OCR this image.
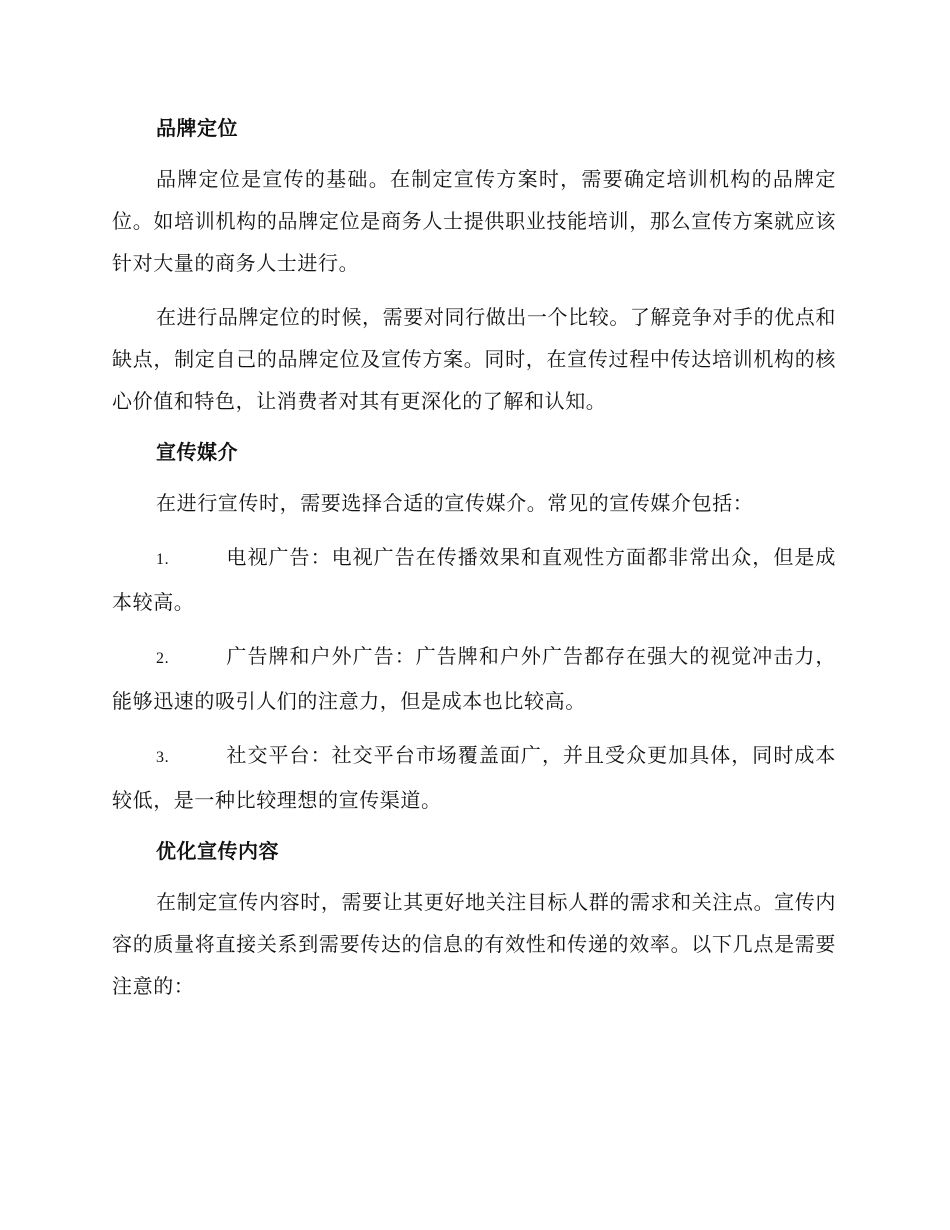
品牌定位

品牌定位是宣传的基础。在制定宣传方案时，需要确定培训机构的品牌定位。如培训机构的品牌定位是商务人士提供职业技能培训，那么宣传方案就应该针对大量的商务人士进行。

在进行品牌定位的时候，需要对同行做出一个比较。了解竞争对手的优点和缺点，制定自己的品牌定位及宣传方案。同时，在宣传过程中传达培训机构的核心价值和特色，让消费者对其有更深化的了解和认知。

宣传媒介

在进行宣传时，需要选择合适的宣传媒介。常见的宣传媒介包括：

1.	电视广告：电视广告在传播效果和直观性方面都非常出众，但是成本较高。

2.	广告牌和户外广告：广告牌和户外广告都存在强大的视觉冲击力，能够迅速的吸引人们的注意力，但是成本也比较高。

3.	社交平台：社交平台市场覆盖面广，并且受众更加具体，同时成本较低，是一种比较理想的宣传渠道。

优化宣传内容

在制定宣传内容时，需要让其更好地关注目标人群的需求和关注点。宣传内容的质量将直接关系到需要传达的信息的有效性和传递的效率。以下几点是需要注意的：
